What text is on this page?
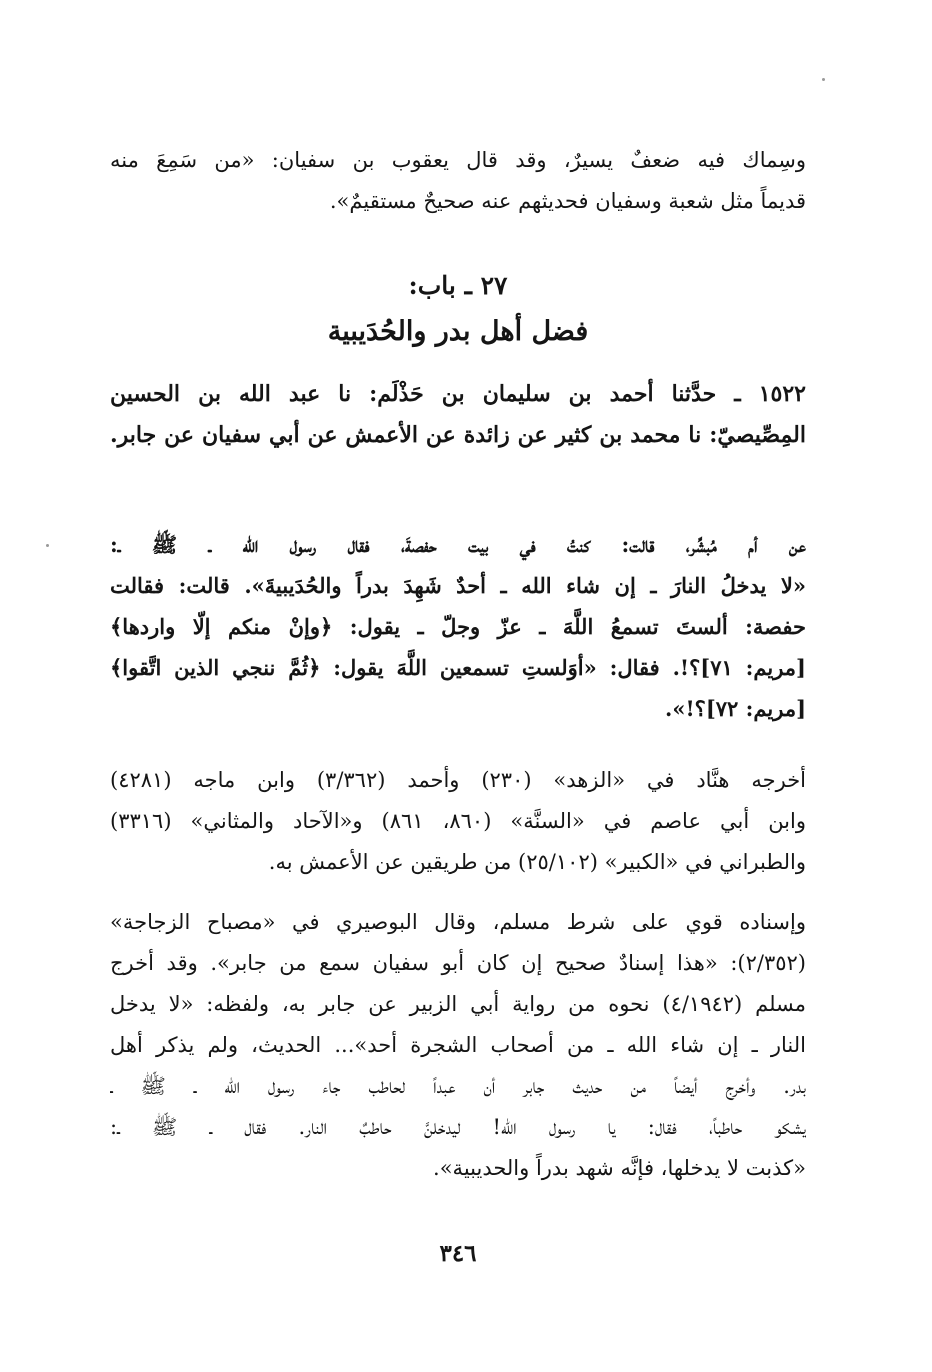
وسِماك فيه ضعفٌ يسيرٌ، وقد قال يعقوب بن سفيان: «من سَمِعَ منه
قديماً مثل شعبة وسفيان فحديثهم عنه صحيحٌ مستقيمٌ».
٢٧ ـ باب:
فضل أهل بدر والحُدَيبية
١٥٢٢ ـ حدَّثنا أحمد بن سليمان بن حَذْلَم: نا عبد الله بن الحسين
المِصِّيصيّ: نا محمد بن كثير عن زائدة عن الأعمش عن أبي سفيان عن جابر.
عن أم مُبشِّر، قالت: كنتُ في بيت حفصةَ، فقال رسول الله ـ ﷺ ـ:
«لا يدخلُ النارَ ـ إن شاء الله ـ أحدٌ شَهِدَ بدراً والحُدَيبيةَ». قالت: فقالت
حفصة: ألستَ تسمعُ اللَّهَ ـ عزّ وجلّ ـ يقول: ﴿وإنْ منكم إلّا واردها﴾
[مريم: ٧١]؟!. فقال: «أوَلستِ تسمعين اللَّهَ يقول: ﴿ثُمَّ ننجي الذين اتَّقوا﴾
[مريم: ٧٢]؟!».
أخرجه هنَّاد في «الزهد» (٢٣٠) وأحمد (٣/٣٦٢) وابن ماجه (٤٢٨١)
وابن أبي عاصم في «السنَّة» (٨٦٠، ٨٦١) و«الآحاد والمثاني» (٣٣١٦)
والطبراني في «الكبير» (٢٥/١٠٢) من طريقين عن الأعمش به.
وإسناده قوي على شرط مسلم، وقال البوصيري في «مصباح الزجاجة»
(٢/٣٥٢): «هذا إسنادٌ صحيح إن كان أبو سفيان سمع من جابر». وقد أخرج
مسلم (٤/١٩٤٢) نحوه من رواية أبي الزبير عن جابر به، ولفظه: «لا يدخل
النار ـ إن شاء الله ـ من أصحاب الشجرة أحد»... الحديث، ولم يذكر أهل
بدر. وأخرج أيضاً من حديث جابر أن عبداً لحاطب جاء رسول الله ـ ﷺ ـ
يشكو حاطباً، فقال: يا رسول الله! ليدخلنَّ حاطبٌ النار. فقال ـ ﷺ ـ:
«كذبت لا يدخلها، فإنَّه شهد بدراً والحديبية».
٣٤٦
